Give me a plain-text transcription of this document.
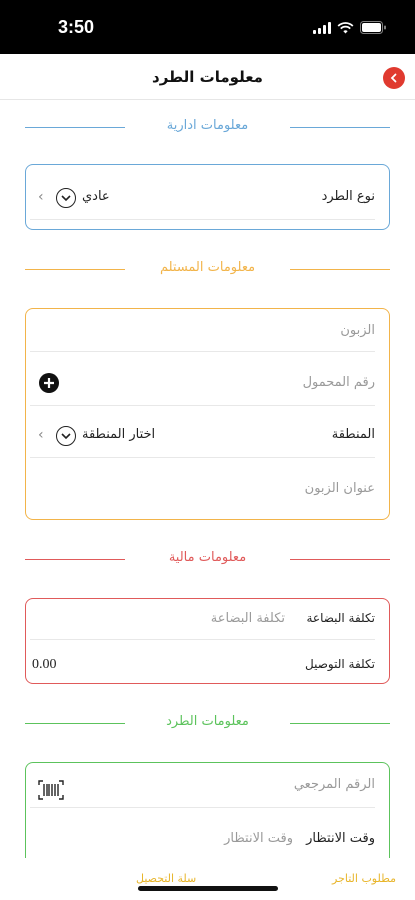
3:50
معلومات الطرد
معلومات ادارية
نوع الطرد
عادي
‹
معلومات المستلم
الزبون
رقم المحمول
المنطقة
اختار المنطقة
‹
عنوان الزبون
معلومات مالية
تكلفة البضاعة
تكلفة البضاعة
تكلفة التوصيل
0.00
معلومات الطرد
الرقم المرجعي
وقت الانتظار
وقت الانتظار
مطلوب التاجر
سلة التحصيل
